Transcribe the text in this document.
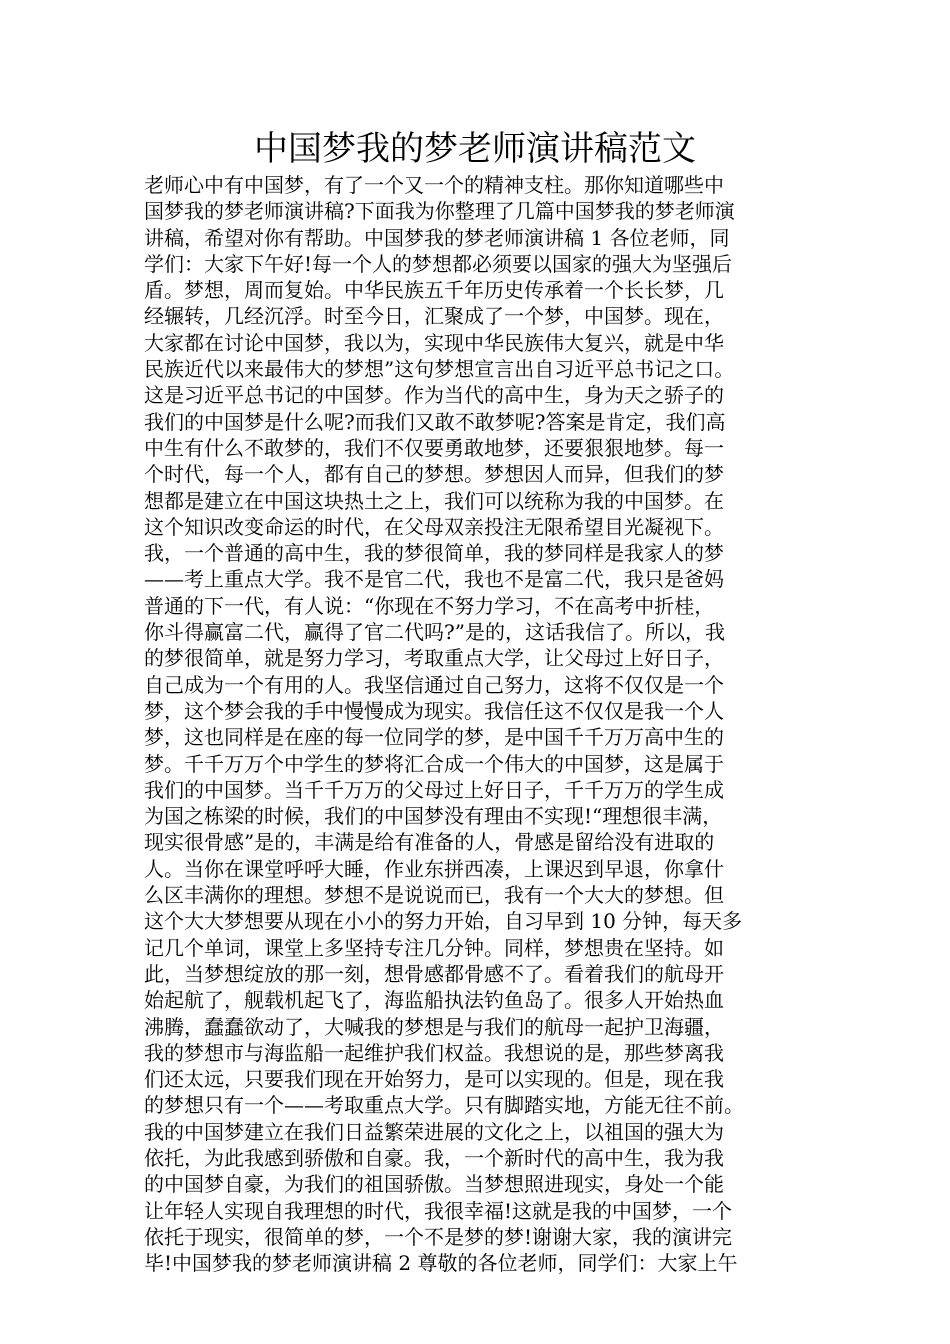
中国梦我的梦老师演讲稿范文
老师心中有中国梦，有了一个又一个的精神支柱。那你知道哪些中
国梦我的梦老师演讲稿?下面我为你整理了几篇中国梦我的梦老师演
讲稿，希望对你有帮助。中国梦我的梦老师演讲稿 1 各位老师，同
学们：大家下午好!每一个人的梦想都必须要以国家的强大为坚强后
盾。梦想，周而复始。中华民族五千年历史传承着一个长长梦，几
经辗转，几经沉浮。时至今日，汇聚成了一个梦，中国梦。现在，
大家都在讨论中国梦，我以为，实现中华民族伟大复兴，就是中华
民族近代以来最伟大的梦想”这句梦想宣言出自习近平总书记之口。
这是习近平总书记的中国梦。作为当代的高中生，身为天之骄子的
我们的中国梦是什么呢?而我们又敢不敢梦呢?答案是肯定，我们高
中生有什么不敢梦的，我们不仅要勇敢地梦，还要狠狠地梦。每一
个时代，每一个人，都有自己的梦想。梦想因人而异，但我们的梦
想都是建立在中国这块热土之上，我们可以统称为我的中国梦。在
这个知识改变命运的时代，在父母双亲投注无限希望目光凝视下。
我，一个普通的高中生，我的梦很简单，我的梦同样是我家人的梦
——考上重点大学。我不是官二代，我也不是富二代，我只是爸妈
普通的下一代，有人说：“你现在不努力学习，不在高考中折桂，
你斗得赢富二代，赢得了官二代吗?”是的，这话我信了。所以，我
的梦很简单，就是努力学习，考取重点大学，让父母过上好日子，
自己成为一个有用的人。我坚信通过自己努力，这将不仅仅是一个
梦，这个梦会我的手中慢慢成为现实。我信任这不仅仅是我一个人
梦，这也同样是在座的每一位同学的梦，是中国千千万万高中生的
梦。千千万万个中学生的梦将汇合成一个伟大的中国梦，这是属于
我们的中国梦。当千千万万的父母过上好日子，千千万万的学生成
为国之栋梁的时候，我们的中国梦没有理由不实现!“理想很丰满，
现实很骨感”是的，丰满是给有准备的人，骨感是留给没有进取的
人。当你在课堂呼呼大睡，作业东拼西凑，上课迟到早退，你拿什
么区丰满你的理想。梦想不是说说而已，我有一个大大的梦想。但
这个大大梦想要从现在小小的努力开始，自习早到 10 分钟，每天多
记几个单词，课堂上多坚持专注几分钟。同样，梦想贵在坚持。如
此，当梦想绽放的那一刻，想骨感都骨感不了。看着我们的航母开
始起航了，舰载机起飞了，海监船执法钓鱼岛了。很多人开始热血
沸腾，蠢蠢欲动了，大喊我的梦想是与我们的航母一起护卫海疆，
我的梦想市与海监船一起维护我们权益。我想说的是，那些梦离我
们还太远，只要我们现在开始努力，是可以实现的。但是，现在我
的梦想只有一个——考取重点大学。只有脚踏实地，方能无往不前。
我的中国梦建立在我们日益繁荣进展的文化之上，以祖国的强大为
依托，为此我感到骄傲和自豪。我，一个新时代的高中生，我为我
的中国梦自豪，为我们的祖国骄傲。当梦想照进现实，身处一个能
让年轻人实现自我理想的时代，我很幸福!这就是我的中国梦，一个
依托于现实，很简单的梦，一个不是梦的梦!谢谢大家，我的演讲完
毕!中国梦我的梦老师演讲稿 2 尊敬的各位老师，同学们：大家上午
